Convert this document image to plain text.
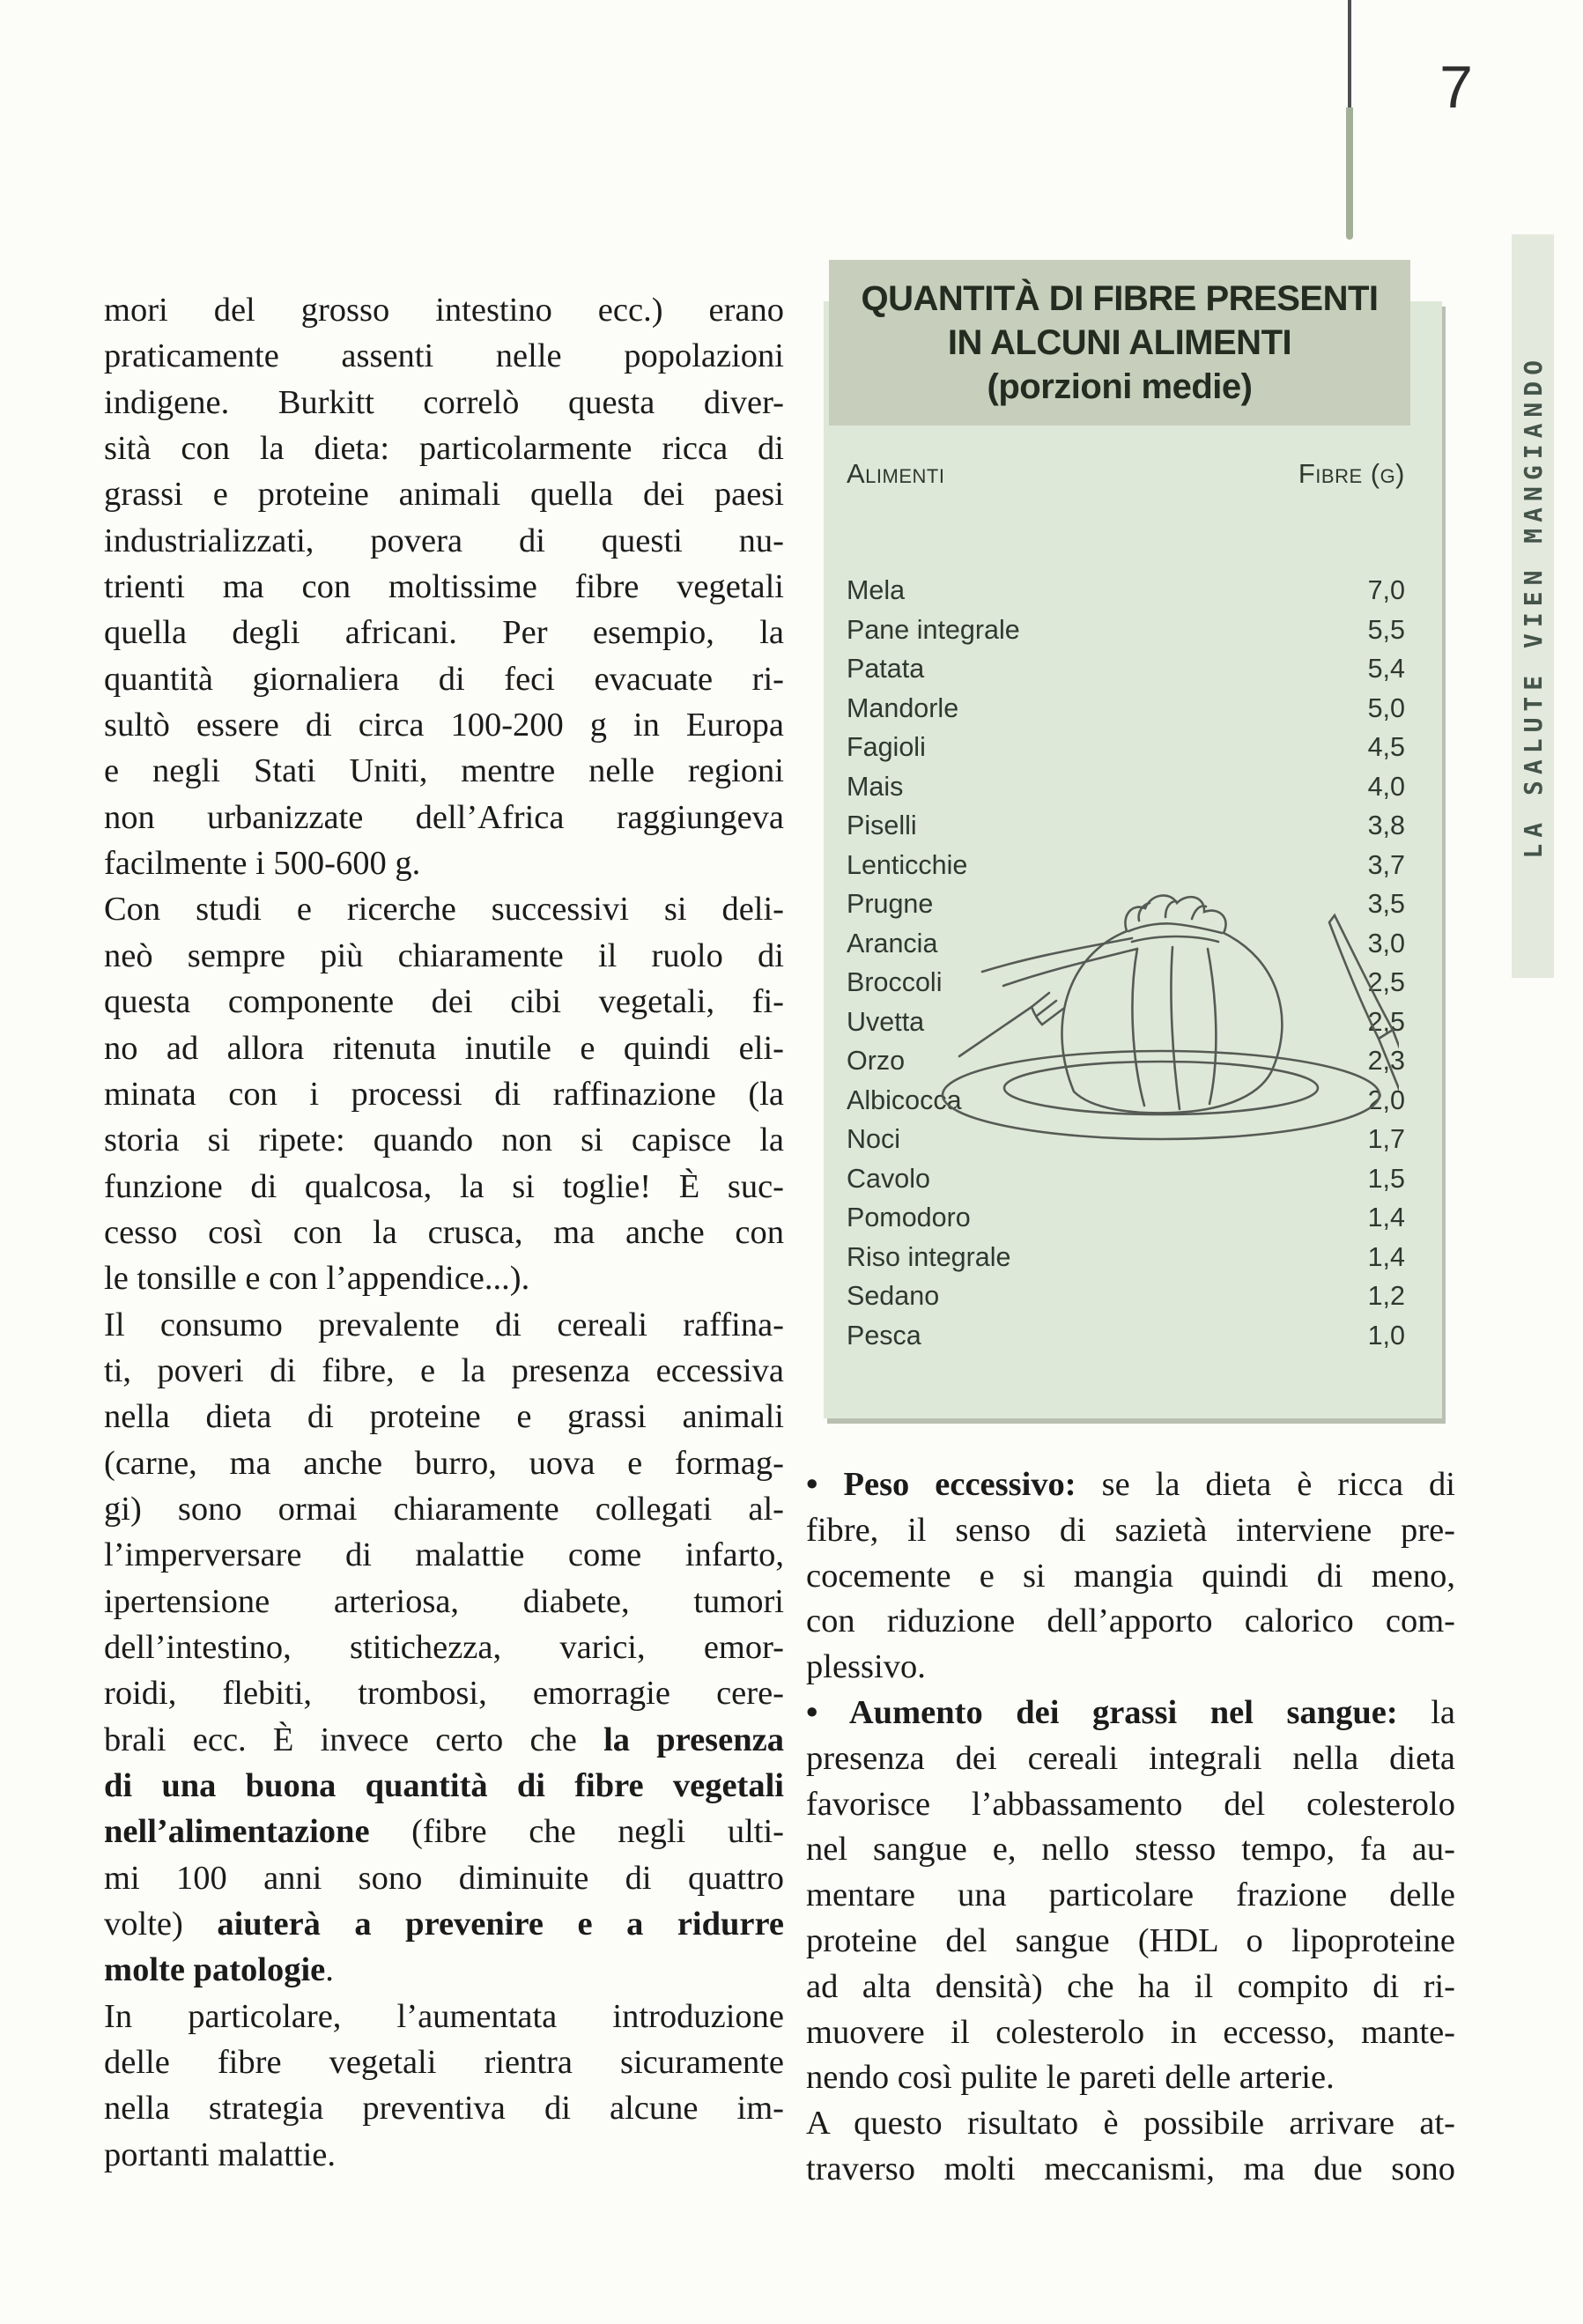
7
LA SALUTE VIEN MANGIANDO
mori del grosso intestino ecc.) erano
praticamente assenti nelle popolazioni
indigene. Burkitt correlò questa diver-
sità con la dieta: particolarmente ricca di
grassi e proteine animali quella dei paesi
industrializzati, povera di questi nu-
trienti ma con moltissime fibre vegetali
quella degli africani. Per esempio, la
quantità giornaliera di feci evacuate ri-
sultò essere di circa 100-200 g in Europa
e negli Stati Uniti, mentre nelle regioni
non urbanizzate dell’Africa raggiungeva
facilmente i 500-600 g.
Con studi e ricerche successivi si deli-
neò sempre più chiaramente il ruolo di
questa componente dei cibi vegetali, fi-
no ad allora ritenuta inutile e quindi eli-
minata con i processi di raffinazione (la
storia si ripete: quando non si capisce la
funzione di qualcosa, la si toglie! È suc-
cesso così con la crusca, ma anche con
le tonsille e con l’appendice...).
Il consumo prevalente di cereali raffina-
ti, poveri di fibre, e la presenza eccessiva
nella dieta di proteine e grassi animali
(carne, ma anche burro, uova e formag-
gi) sono ormai chiaramente collegati al-
l’imperversare di malattie come infarto,
ipertensione arteriosa, diabete, tumori
dell’intestino, stitichezza, varici, emor-
roidi, flebiti, trombosi, emorragie cere-
brali ecc. È invece certo che la presenza
di una buona quantità di fibre vegetali
nell’alimentazione (fibre che negli ulti-
mi 100 anni sono diminuite di quattro
volte) aiuterà a prevenire e a ridurre
molte patologie.
In particolare, l’aumentata introduzione
delle fibre vegetali rientra sicuramente
nella strategia preventiva di alcune im-
portanti malattie.
QUANTITÀ DI FIBRE PRESENTI
IN ALCUNI ALIMENTI
(porzioni medie)
Alimenti	Fibre (g)
Mela	7,0
Pane integrale	5,5
Patata	5,4
Mandorle	5,0
Fagioli	4,5
Mais	4,0
Piselli	3,8
Lenticchie	3,7
Prugne	3,5
Arancia	3,0
Broccoli	2,5
Uvetta	2,5
Orzo	2,3
Albicocca	2,0
Noci	1,7
Cavolo	1,5
Pomodoro	1,4
Riso integrale	1,4
Sedano	1,2
Pesca	1,0
• Peso eccessivo: se la dieta è ricca di
fibre, il senso di sazietà interviene pre-
cocemente e si mangia quindi di meno,
con riduzione dell’apporto calorico com-
plessivo.
• Aumento dei grassi nel sangue: la
presenza dei cereali integrali nella dieta
favorisce l’abbassamento del colesterolo
nel sangue e, nello stesso tempo, fa au-
mentare una particolare frazione delle
proteine del sangue (HDL o lipoproteine
ad alta densità) che ha il compito di ri-
muovere il colesterolo in eccesso, mante-
nendo così pulite le pareti delle arterie.
A questo risultato è possibile arrivare at-
traverso molti meccanismi, ma due sono
